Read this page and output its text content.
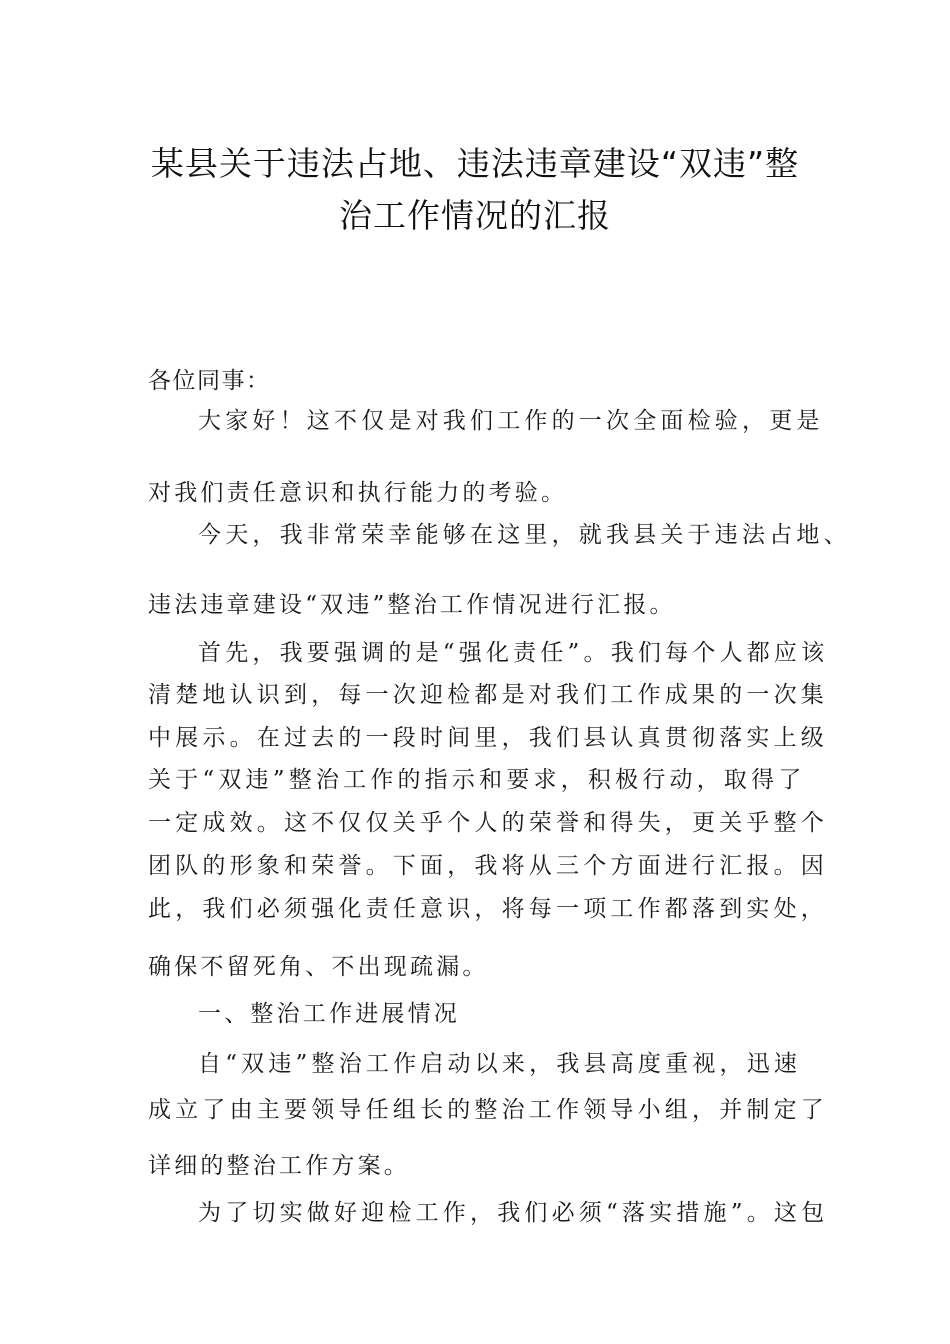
某县关于违法占地、违法违章建设“双违”整
治工作情况的汇报
各位同事：
大家好！这不仅是对我们工作的一次全面检验，更是
对我们责任意识和执行能力的考验。
今天，我非常荣幸能够在这里，就我县关于违法占地、
违法违章建设“双违”整治工作情况进行汇报。
首先，我要强调的是“强化责任”。我们每个人都应该
清楚地认识到，每一次迎检都是对我们工作成果的一次集
中展示。在过去的一段时间里，我们县认真贯彻落实上级
关于“双违”整治工作的指示和要求，积极行动，取得了
一定成效。这不仅仅关乎个人的荣誉和得失，更关乎整个
团队的形象和荣誉。下面，我将从三个方面进行汇报。因
此，我们必须强化责任意识，将每一项工作都落到实处，
确保不留死角、不出现疏漏。
一、整治工作进展情况
自“双违”整治工作启动以来，我县高度重视，迅速
成立了由主要领导任组长的整治工作领导小组，并制定了
详细的整治工作方案。
为了切实做好迎检工作，我们必须“落实措施”。这包
